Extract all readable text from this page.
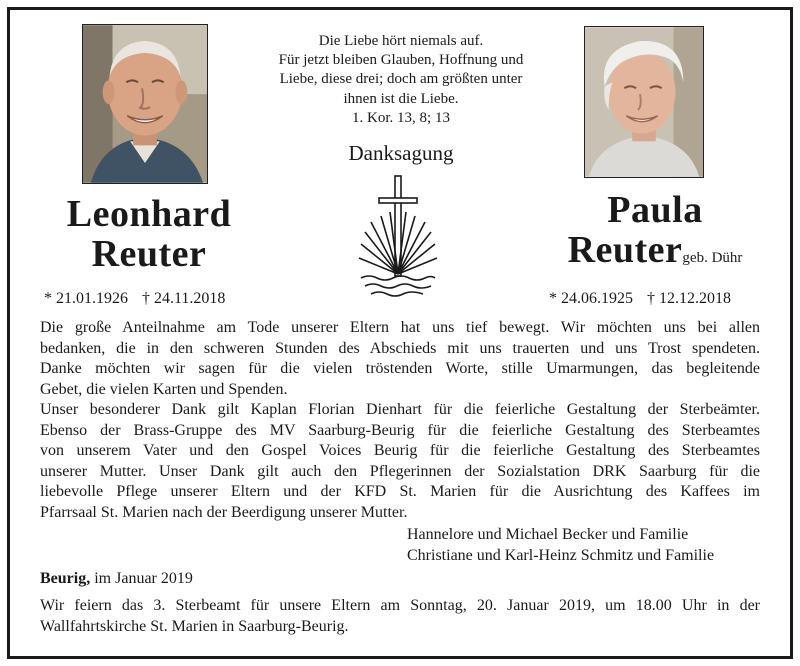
Leonhard
Reuter
Paula
Reutergeb. Dühr
* 21.01.1926 † 24.11.2018	* 24.06.1925 † 12.12.2018
Die Liebe hört niemals auf.
Für jetzt bleiben Glauben, Hoffnung und
Liebe, diese drei; doch am größten unter
ihnen ist die Liebe.
1. Kor. 13, 8; 13
Danksagung
Die große Anteilnahme am Tode unserer Eltern hat uns tief bewegt. Wir möchten uns bei allen
bedanken, die in den schweren Stunden des Abschieds mit uns trauerten und uns Trost spendeten.
Danke möchten wir sagen für die vielen tröstenden Worte, stille Umarmungen, das begleitende
Gebet, die vielen Karten und Spenden.
Unser besonderer Dank gilt Kaplan Florian Dienhart für die feierliche Gestaltung der Sterbeämter.
Ebenso der Brass-Gruppe des MV Saarburg-Beurig für die feierliche Gestaltung des Sterbeamtes
von unserem Vater und den Gospel Voices Beurig für die feierliche Gestaltung des Sterbeamtes
unserer Mutter. Unser Dank gilt auch den Pflegerinnen der Sozialstation DRK Saarburg für die
liebevolle Pflege unserer Eltern und der KFD St. Marien für die Ausrichtung des Kaffees im
Pfarrsaal St. Marien nach der Beerdigung unserer Mutter.
Hannelore und Michael Becker und Familie
Christiane und Karl-Heinz Schmitz und Familie
Beurig, im Januar 2019
Wir feiern das 3. Sterbeamt für unsere Eltern am Sonntag, 20. Januar 2019, um 18.00 Uhr in der
Wallfahrtskirche St. Marien in Saarburg-Beurig.
